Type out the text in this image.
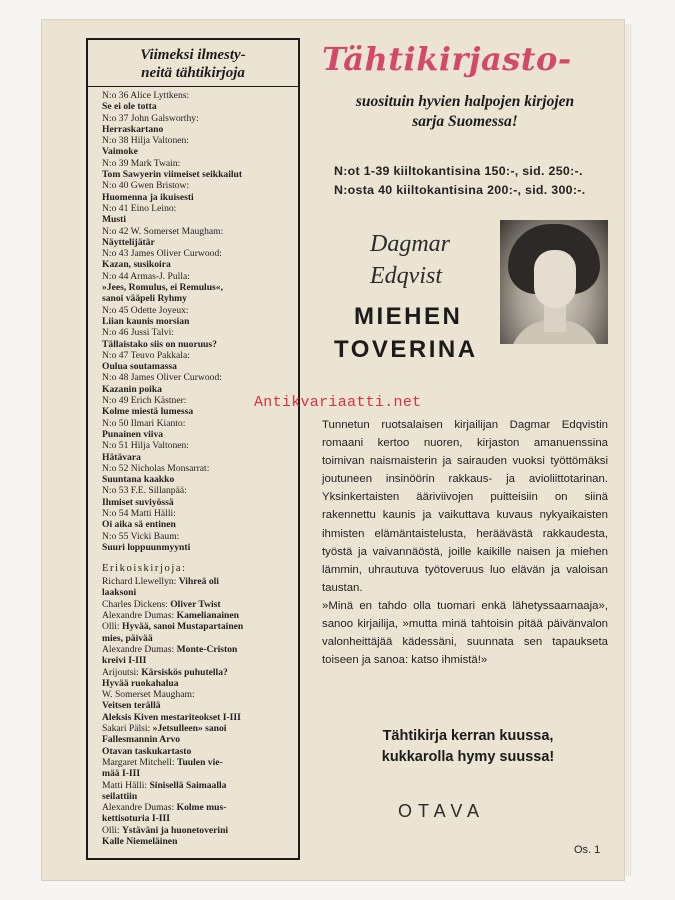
Viimeksi ilmesty-
neitä tähtikirjoja
N:o 36 Alice Lyttkens:
Se ei ole totta
N:o 37 John Galsworthy:
Herraskartano
N:o 38 Hilja Valtonen:
Vaimoke
N:o 39 Mark Twain:
Tom Sawyerin viimeiset seikkailut
N:o 40 Gwen Bristow:
Huomenna ja ikuisesti
N:o 41 Eino Leino:
Musti
N:o 42 W. Somerset Maugham:
Näyttelijätär
N:o 43 James Oliver Curwood:
Kazan, susikoira
N:o 44 Armas-J. Pulla:
»Jees, Romulus, ei Remulus«,
sanoi vääpeli Ryhmy
N:o 45 Odette Joyeux:
Liian kaunis morsian
N:o 46 Jussi Talvi:
Tällaistako siis on nuoruus?
N:o 47 Teuvo Pakkala:
Oulua soutamassa
N:o 48 James Oliver Curwood:
Kazanin poika
N:o 49 Erich Kästner:
Kolme miestä lumessa
N:o 50 Ilmari Kianto:
Punainen viiva
N:o 51 Hilja Valtonen:
Hätävara
N:o 52 Nicholas Monsarrat:
Suuntana kaakko
N:o 53 F.E. Sillanpää:
Ihmiset suviyössä
N:o 54 Matti Hälli:
Oi aika sä entinen
N:o 55 Vicki Baum:
Suuri loppuunmyynti
Erikoiskirjoja:
Richard Llewellyn: Vihreä oli
laaksoni
Charles Dickens: Oliver Twist
Alexandre Dumas: Kamelianainen
Olli: Hyvää, sanoi Mustapartainen
mies, päivää
Alexandre Dumas: Monte-Criston
kreivi I-III
Arijoutsi: Kärsiskös puhutella?
Hyvää ruokahalua
W. Somerset Maugham:
Veitsen terällä
Aleksis Kiven mestariteokset I-III
Sakari Pälsi: »Jetsulleen» sanoi
Fallesmannin Arvo
Otavan taskukartasto
Margaret Mitchell: Tuulen vie-
mää I-III
Matti Hälli: Sinisellä Saimaalla
seilattiin
Alexandre Dumas: Kolme mus-
kettisoturia I-III
Olli: Ystäväni ja huonetoverini
Kalle Niemeläinen
Tähtikirjasto-
suosituin hyvien halpojen kirjojen
sarja Suomessa!
N:ot 1-39 kiiltokantisina 150:-, sid. 250:-.
N:osta 40 kiiltokantisina 200:-, sid. 300:-.
Dagmar
Edqvist
MIEHEN
TOVERINA
Antikvariaatti.net

Tunnetun ruotsalaisen kirjailijan Dagmar Edqvistin romaani kertoo nuoren, kirjaston amanuenssina toimivan naismaisterin ja sairauden vuoksi työttömäksi joutuneen insinöörin rakkaus- ja avioliittotarinan. Yksinkertaisten ääriviivojen puitteisiin on siinä rakennettu kaunis ja vaikuttava kuvaus nykyaikaisten ihmisten elämäntaistelusta, heräävästä rakkaudesta, työstä ja vaivannäöstä, joille kaikille naisen ja miehen lämmin, uhrautuva työtoveruus luo elävän ja valoisan taustan.

»Minä en tahdo olla tuomari enkä lähetyssaarnaaja», sanoo kirjailija, »mutta minä tahtoisin pitää päivänvalon valonheittäjää kädessäni, suunnata sen tapaukseta toiseen ja sanoa: katso ihmistä!»

Tähtikirja kerran kuussa,
kukkarolla hymy suussa!
OTAVA
Os. 1
